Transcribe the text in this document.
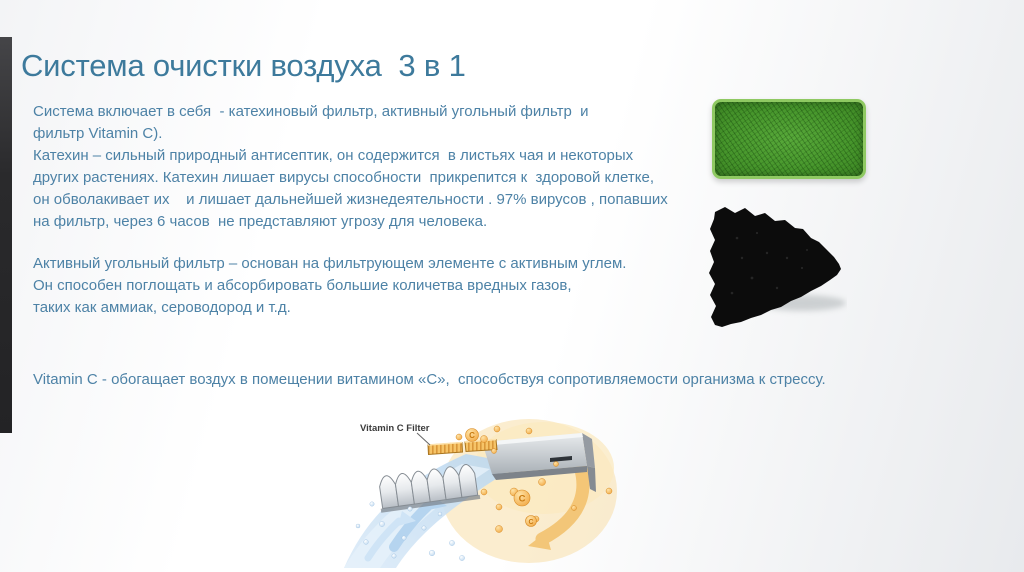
Система очистки воздуха  3 в 1
Система включает в себя  - катехиновый фильтр, активный угольный фильтр  и
фильтр Vitamin C).
Катехин – сильный природный антисептик, он содержится  в листьях чая и некоторых
других растениях. Катехин лишает вирусы способности  прикрепится к  здоровой клетке,
он обволакивает их    и лишает дальнейшей жизнедеятельности . 97% вирусов , попавших
на фильтр, через 6 часов  не представляют угрозу для человека.
Активный угольный фильтр – основан на фильтрующем элементе с активным углем.
Он способен поглощать и абсорбировать большие количетва вредных газов,
таких как аммиак, сероводород и т.д.
Vitamin C - обогащает воздух в помещении витамином «С»,  способствуя сопротивляемости организма к стрессу.
Vitamin C Filter
C
C
C
